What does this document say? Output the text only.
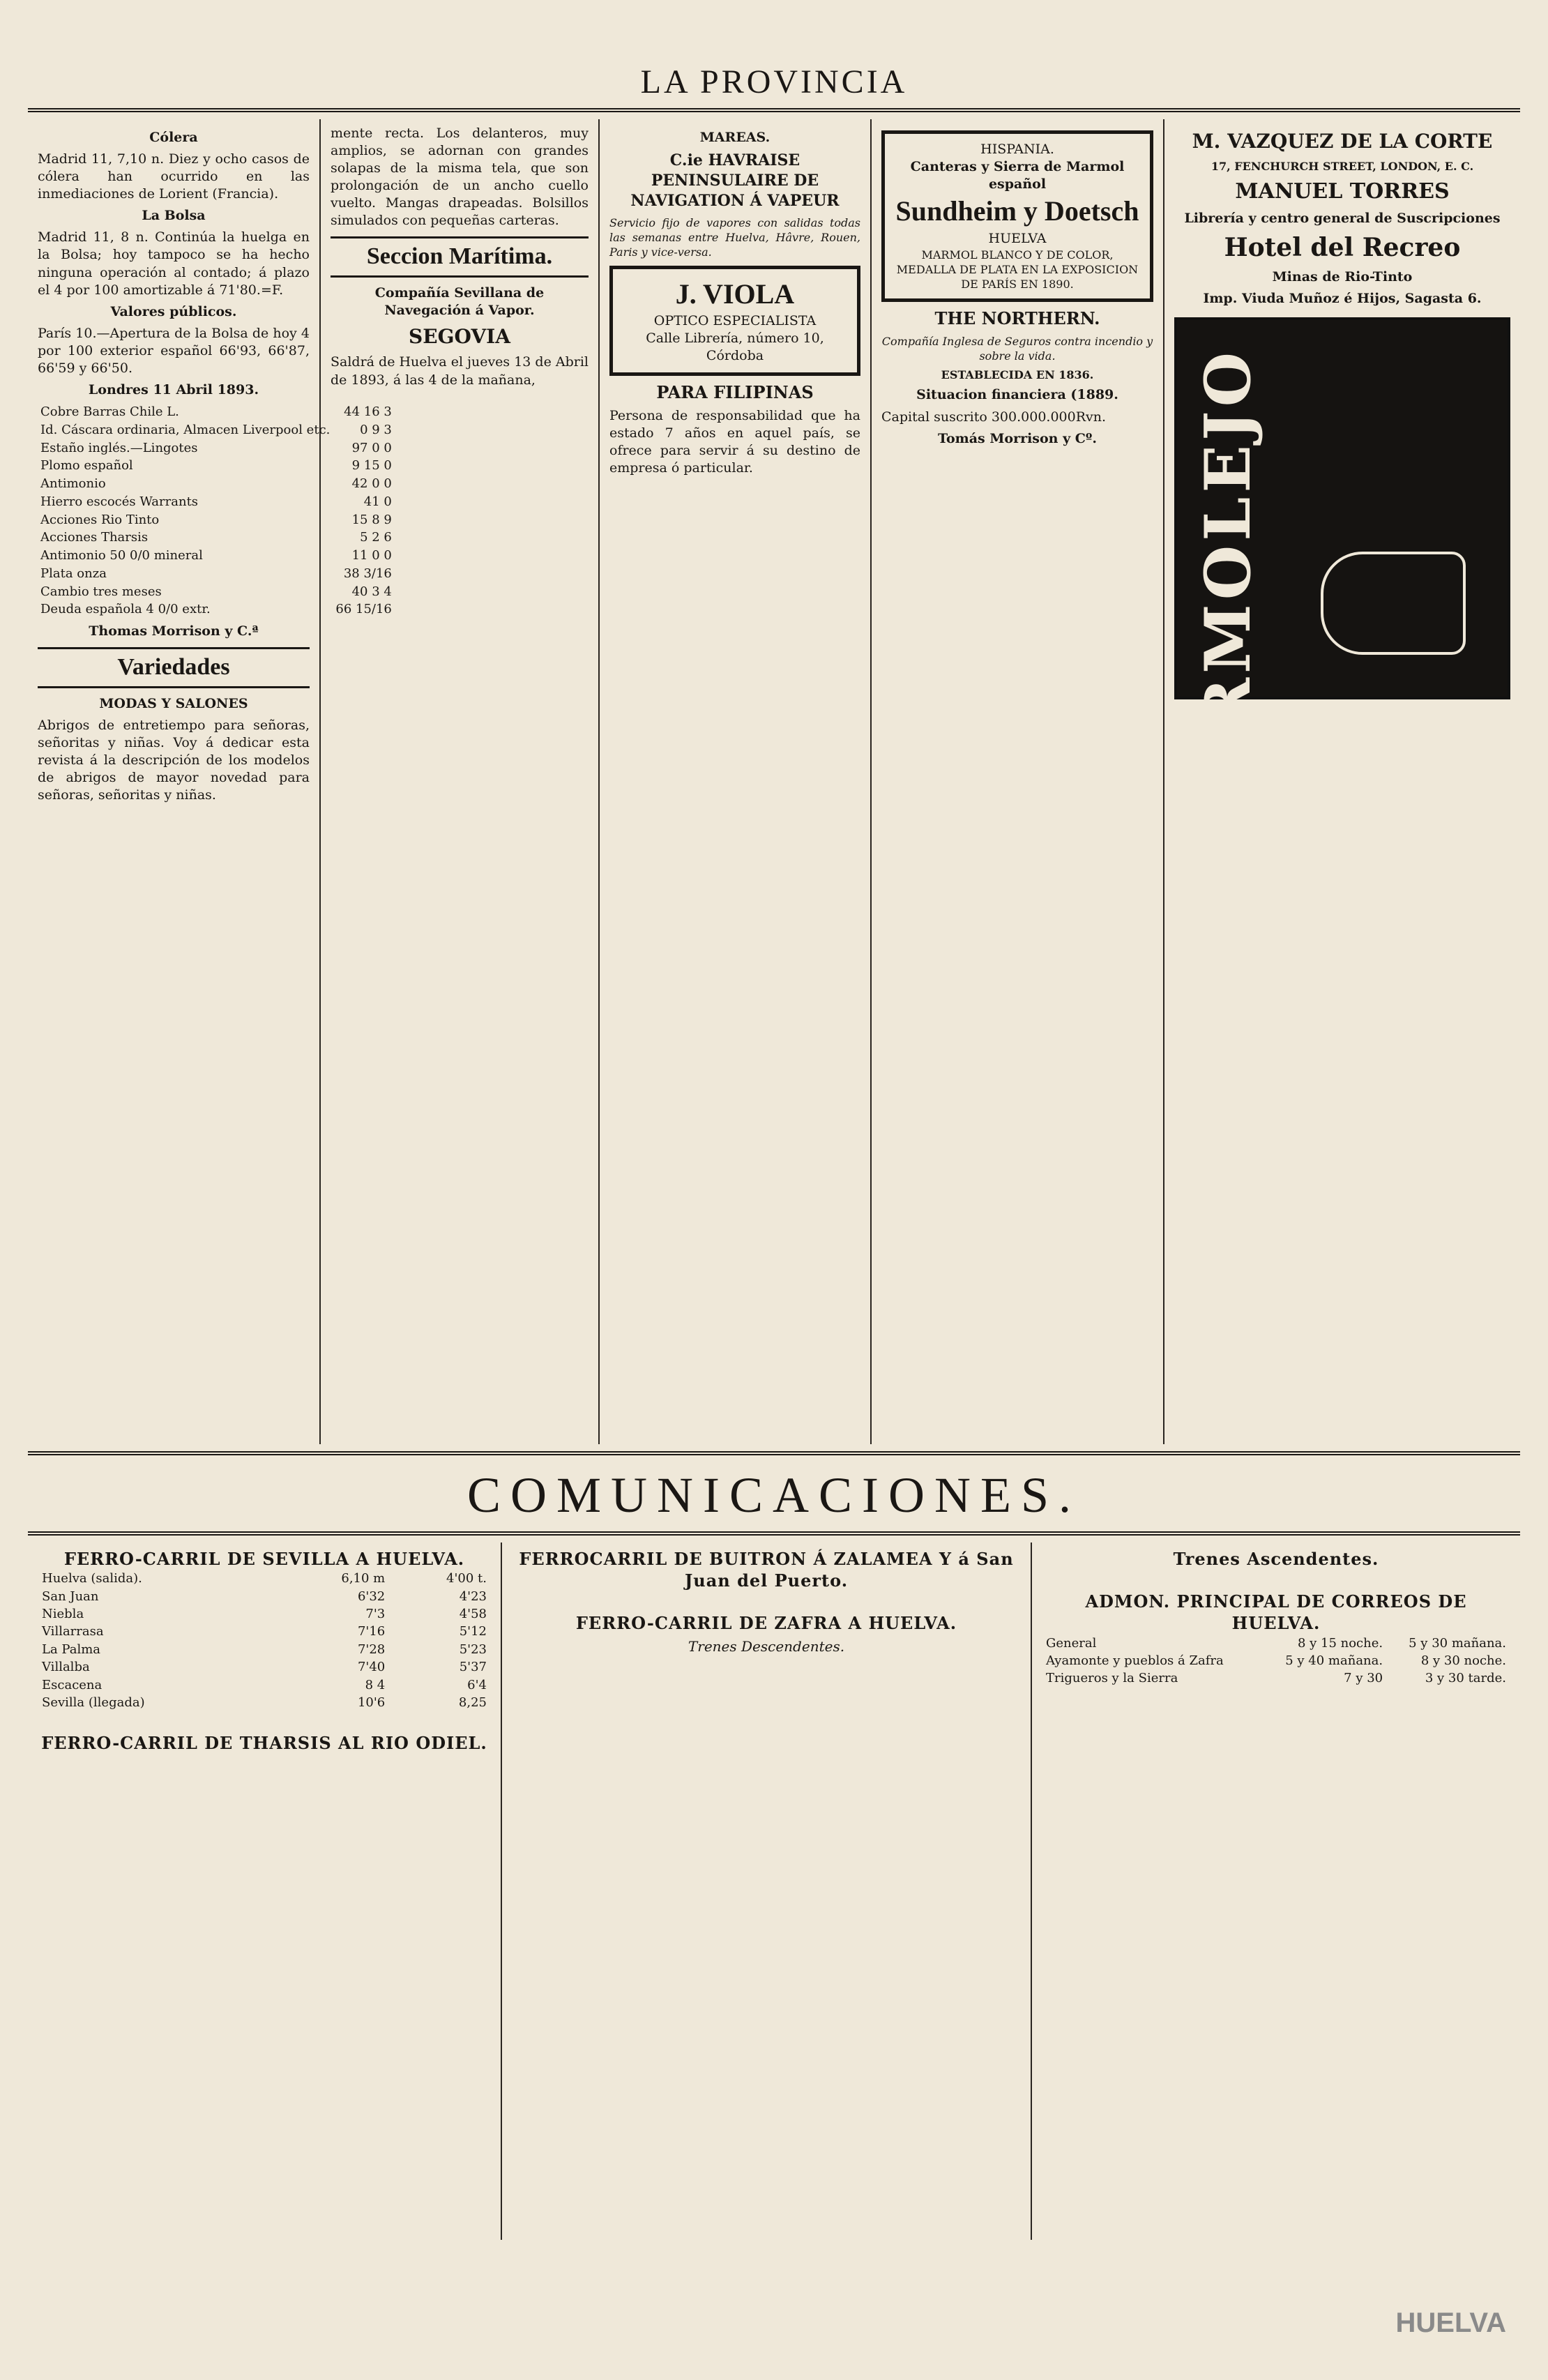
LA PROVINCIA
Cólera
Madrid 11, 7,10 n. Diez y ocho casos de cólera han ocurrido en las inmediaciones de Lorient (Francia).
La Bolsa
Madrid 11, 8 n. Continúa la huelga en la Bolsa; hoy tampoco se ha hecho ninguna operación al contado; á plazo el 4 por 100 amortizable á 71'80.=F.
Valores públicos.
París 10.—Apertura de la Bolsa de hoy 4 por 100 exterior español 66'93, 66'87, 66'59 y 66'50.
Londres 11 Abril 1893.
Cobre Barras Chile L.	44 16 3
Id. Cáscara ordinaria, Almacen Liverpool etc.	0 9 3
Estaño inglés.—Lingotes	97 0 0
Plomo español	9 15 0
Antimonio	42 0 0
Hierro escocés Warrants	41 0
Acciones Rio Tinto	15 8 9
Acciones Tharsis	5 2 6
Antimonio 50 0/0 mineral	11 0 0
Plata onza	38 3/16
Cambio tres meses	40 3 4
Deuda española 4 0/0 extr.	66 15/16
Thomas Morrison y C.ª
Variedades
MODAS Y SALONES
Abrigos de entretiempo para señoras, señoritas y niñas. Voy á dedicar esta revista á la descripción de los modelos de abrigos de mayor novedad para señoras, señoritas y niñas.
mente recta. Los delanteros, muy amplios, se adornan con grandes solapas de la misma tela, que son prolongación de un ancho cuello vuelto. Mangas drapeadas. Bolsillos simulados con pequeñas carteras.
Seccion Marítima.
Compañía Sevillana de Navegación á Vapor.
SEGOVIA
Saldrá de Huelva el jueves 13 de Abril de 1893, á las 4 de la mañana,
MAREAS.
C.ie HAVRAISE PENINSULAIRE DE NAVIGATION Á VAPEUR
Servicio fijo de vapores con salidas todas las semanas entre Huelva, Hâvre, Rouen, Paris y vice-versa.
J. VIOLA
OPTICO ESPECIALISTA
Calle Librería, número 10, Córdoba
PARA FILIPINAS
Persona de responsabilidad que ha estado 7 años en aquel país, se ofrece para servir á su destino de empresa ó particular.
HISPANIA.
Canteras y Sierra de Marmol español
Sundheim y Doetsch
HUELVA
MARMOL BLANCO Y DE COLOR, MEDALLA DE PLATA EN LA EXPOSICION DE PARÍS EN 1890.
THE NORTHERN.
Compañía Inglesa de Seguros contra incendio y sobre la vida.
ESTABLECIDA EN 1836.
Situacion financiera (1889.
Capital suscrito 300.000.000Rvn.
Tomás Morrison y Cº.
M. VAZQUEZ DE LA CORTE
17, FENCHURCH STREET, LONDON, E. C.
MANUEL TORRES
Librería y centro general de Suscripciones
Hotel del Recreo
Minas de Rio-Tinto
Imp. Viuda Muñoz é Hijos, Sagasta 6.
MARMOLEJO
COMUNICACIONES.
FERRO-CARRIL DE SEVILLA A HUELVA.
Huelva (salida).	6,10 m	4'00 t.
San Juan	6'32	4'23
Niebla	7'3	4'58
Villarrasa	7'16	5'12
La Palma	7'28	5'23
Villalba	7'40	5'37
Escacena	8 4	6'4
Sevilla (llegada)	10'6	8,25
FERRO-CARRIL DE THARSIS AL RIO ODIEL.
FERROCARRIL DE BUITRON Á ZALAMEA Y á San Juan del Puerto.
FERRO-CARRIL DE ZAFRA A HUELVA.
Trenes Descendentes.
Trenes Ascendentes.
ADMON. PRINCIPAL DE CORREOS DE HUELVA.
General	8 y 15 noche.	5 y 30 mañana.
Ayamonte y pueblos á Zafra	5 y 40 mañana.	8 y 30 noche.
Trigueros y la Sierra	7 y 30	3 y 30 tarde.
HUELVA
